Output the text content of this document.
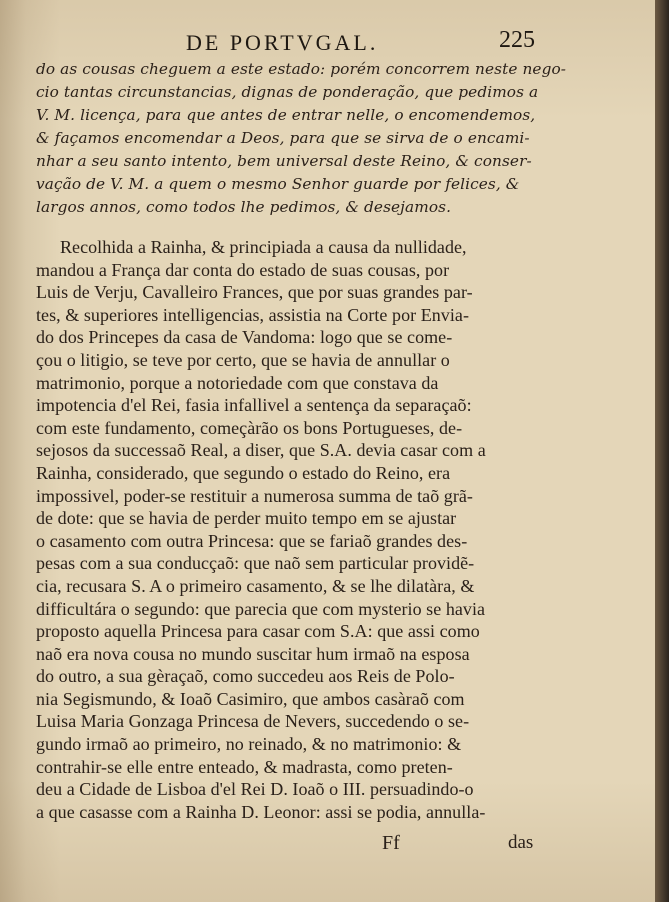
DE PORTVGAL.	225
do as cousas cheguem a este estado: porém concorrem neste nego-
cio tantas circunstancias, dignas de ponderação, que pedimos a
V. M. licença, para que antes de entrar nelle, o encomendemos,
& façamos encomendar a Deos, para que se sirva de o encami-
nhar a seu santo intento, bem universal deste Reino, & conser-
vação de V. M. a quem o mesmo Senhor guarde por felices, &
largos annos, como todos lhe pedimos, & desejamos.
Recolhida a Rainha, & principiada a causa da nullidade,
mandou a França dar conta do estado de suas cousas, por
Luis de Verju, Cavalleiro Frances, que por suas grandes par-
tes, & superiores intelligencias, assistia na Corte por Envia-
do dos Princepes da casa de Vandoma: logo que se come-
çou o litigio, se teve por certo, que se havia de annullar o
matrimonio, porque a notoriedade com que constava da
impotencia d'el Rei, fasia infallivel a sentença da separaçaõ:
com este fundamento, começàrão os bons Portugueses, de-
sejosos da successaõ Real, a diser, que S.A. devia casar com a
Rainha, considerado, que segundo o estado do Reino, era
impossivel, poder-se restituir a numerosa summa de taõ grã-
de dote: que se havia de perder muito tempo em se ajustar
o casamento com outra Princesa: que se fariaõ grandes des-
pesas com a sua conducçaõ: que naõ sem particular providẽ-
cia, recusara S. A o primeiro casamento, & se lhe dilatàra, &
difficultára o segundo: que parecia que com mysterio se havia
proposto aquella Princesa para casar com S.A: que assi como
naõ era nova cousa no mundo suscitar hum irmaõ na esposa
do outro, a sua gèraçaõ, como succedeu aos Reis de Polo-
nia Segismundo, & Ioaõ Casimiro, que ambos casàraõ com
Luisa Maria Gonzaga Princesa de Nevers, succedendo o se-
gundo irmaõ ao primeiro, no reinado, & no matrimonio: &
contrahir-se elle entre enteado, & madrasta, como preten-
deu a Cidade de Lisboa d'el Rei D. Ioaõ o III. persuadindo-o
a que casasse com a Rainha D. Leonor: assi se podia, annulla-
Ff	das
